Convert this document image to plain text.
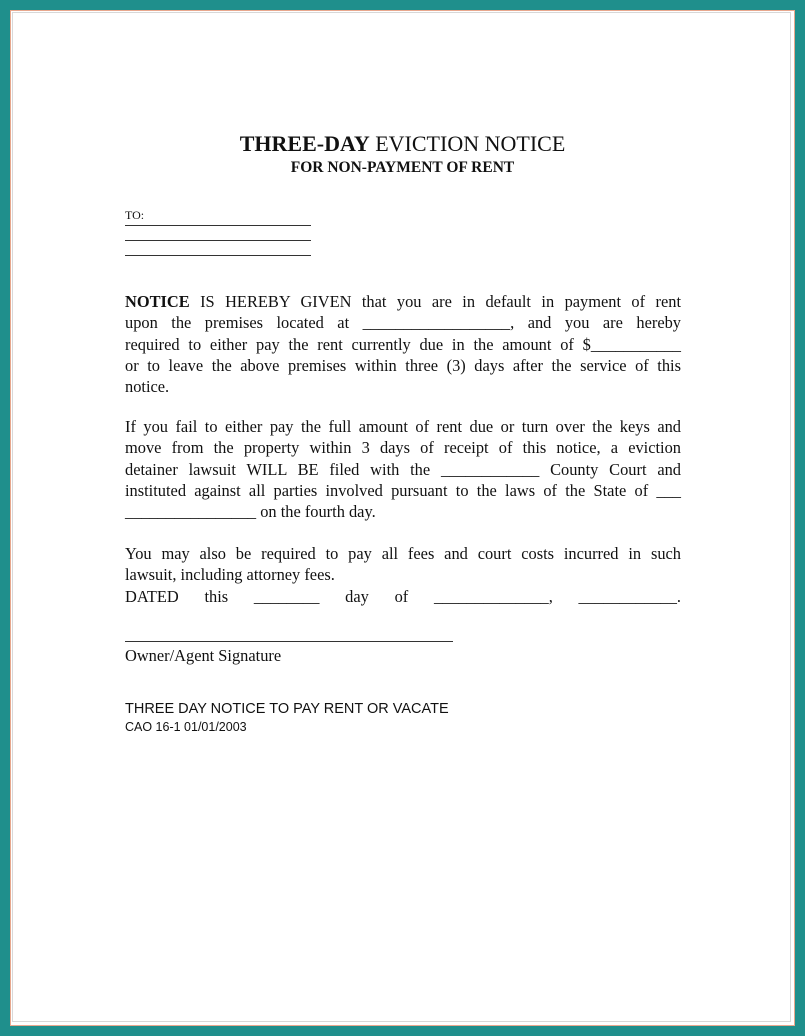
THREE-DAY EVICTION NOTICE
FOR NON-PAYMENT OF RENT
TO:
NOTICE IS HEREBY GIVEN that you are in default in payment of rent
upon the premises located at __________________, and you are hereby
required to either pay the rent currently due in the amount of $___________
or to leave the above premises within three (3) days after the service of this
notice.
If you fail to either pay the full amount of rent due or turn over the keys and
move from the property within 3 days of receipt of this notice, a eviction
detainer lawsuit WILL BE filed with the ____________ County Court and
instituted against all parties involved pursuant to the laws of the State of ___
________________ on the fourth day.
You may also be required to pay all fees and court costs incurred in such
lawsuit, including attorney fees.
DATED this ________ day of ______________, ____________.
Owner/Agent Signature
THREE DAY NOTICE TO PAY RENT OR VACATE
CAO 16-1 01/01/2003
